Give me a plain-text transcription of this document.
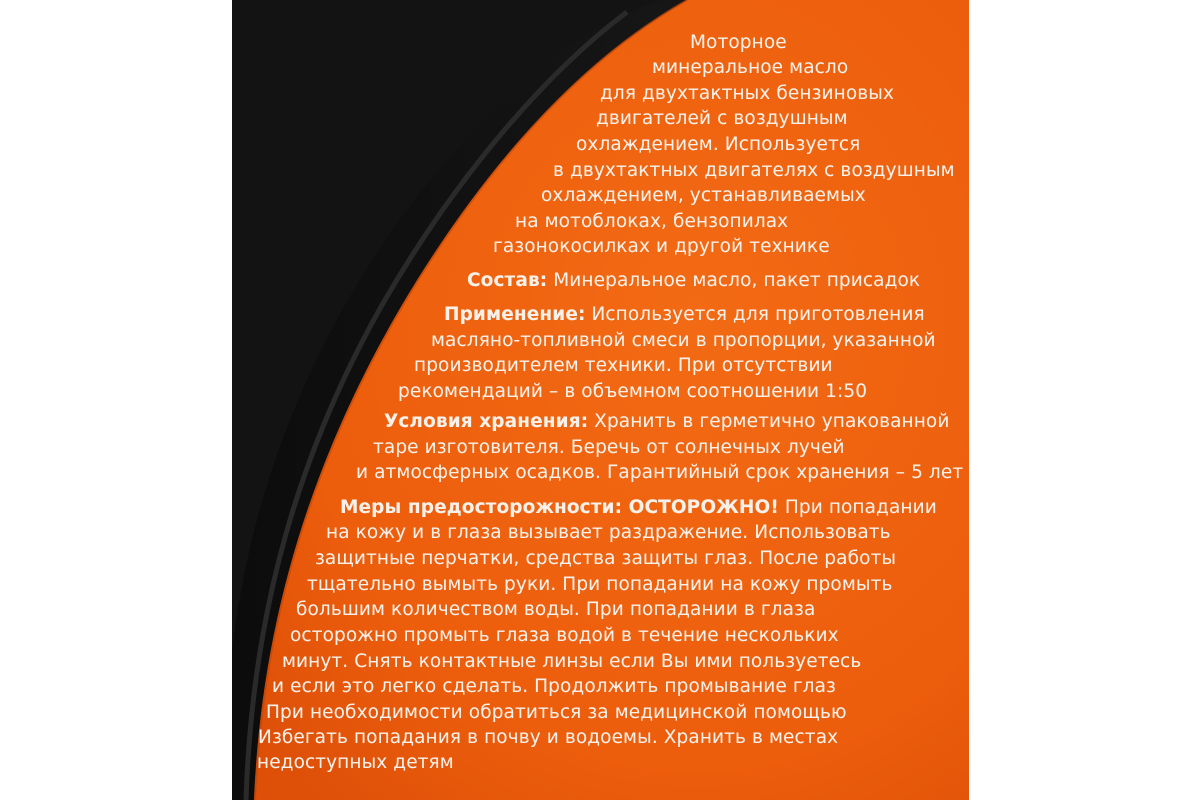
Моторное
минеральное масло
для двухтактных бензиновых
двигателей с воздушным
охлаждением. Используется
в двухтактных двигателях с воздушным
охлаждением, устанавливаемых
на мотоблоках, бензопилах
газонокосилках и другой технике
Состав: Минеральное масло, пакет присадок
Применение: Используется для приготовления
масляно-топливной смеси в пропорции, указанной
производителем техники. При отсутствии
рекомендаций – в объемном соотношении 1:50
Условия хранения: Хранить в герметично упакованной
таре изготовителя. Беречь от солнечных лучей
и атмосферных осадков. Гарантийный срок хранения – 5 лет
Меры предосторожности: ОСТОРОЖНО! При попадании
на кожу и в глаза вызывает раздражение. Использовать
защитные перчатки, средства защиты глаз. После работы
тщательно вымыть руки. При попадании на кожу промыть
большим количеством воды. При попадании в глаза
осторожно промыть глаза водой в течение нескольких
минут. Снять контактные линзы если Вы ими пользуетесь
и если это легко сделать. Продолжить промывание глаз
При необходимости обратиться за медицинской помощью
Избегать попадания в почву и водоемы. Хранить в местах
недоступных детям
